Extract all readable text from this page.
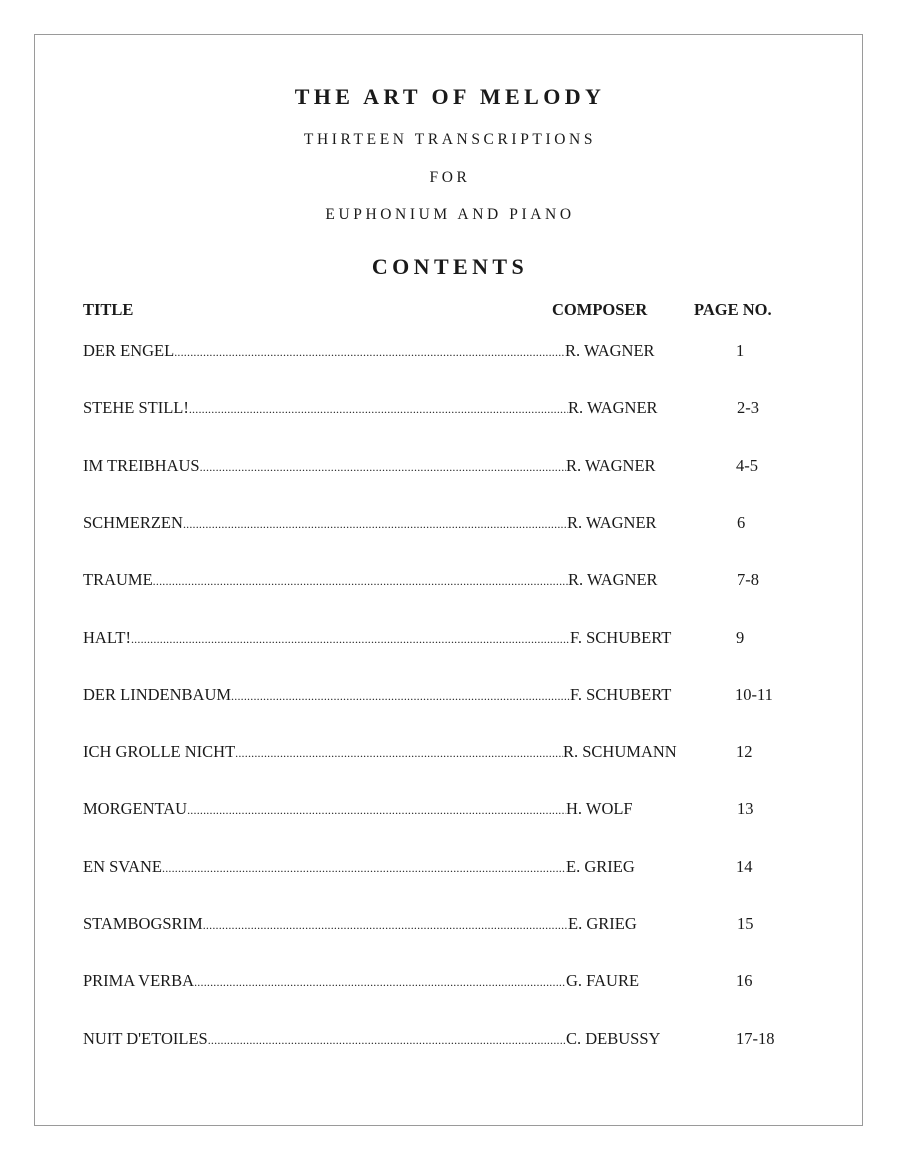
THE ART OF MELODY
THIRTEEN TRANSCRIPTIONS
FOR
EUPHONIUM AND PIANO
CONTENTS
TITLE	COMPOSER	PAGE NO.
DER ENGEL .....	R. WAGNER	1
STEHE STILL! .....	R. WAGNER	2-3
IM TREIBHAUS .....	R. WAGNER	4-5
SCHMERZEN .....	R. WAGNER	6
TRAUME .....	R. WAGNER	7-8
HALT! .....	F. SCHUBERT	9
DER LINDENBAUM .....	F. SCHUBERT	10-11
ICH GROLLE NICHT .....	R. SCHUMANN	12
MORGENTAU .....	H. WOLF	13
EN SVANE .....	E. GRIEG	14
STAMBOGSRIM .....	E. GRIEG	15
PRIMA VERBA .....	G. FAURE	16
NUIT D'ETOILES .....	C. DEBUSSY	17-18
